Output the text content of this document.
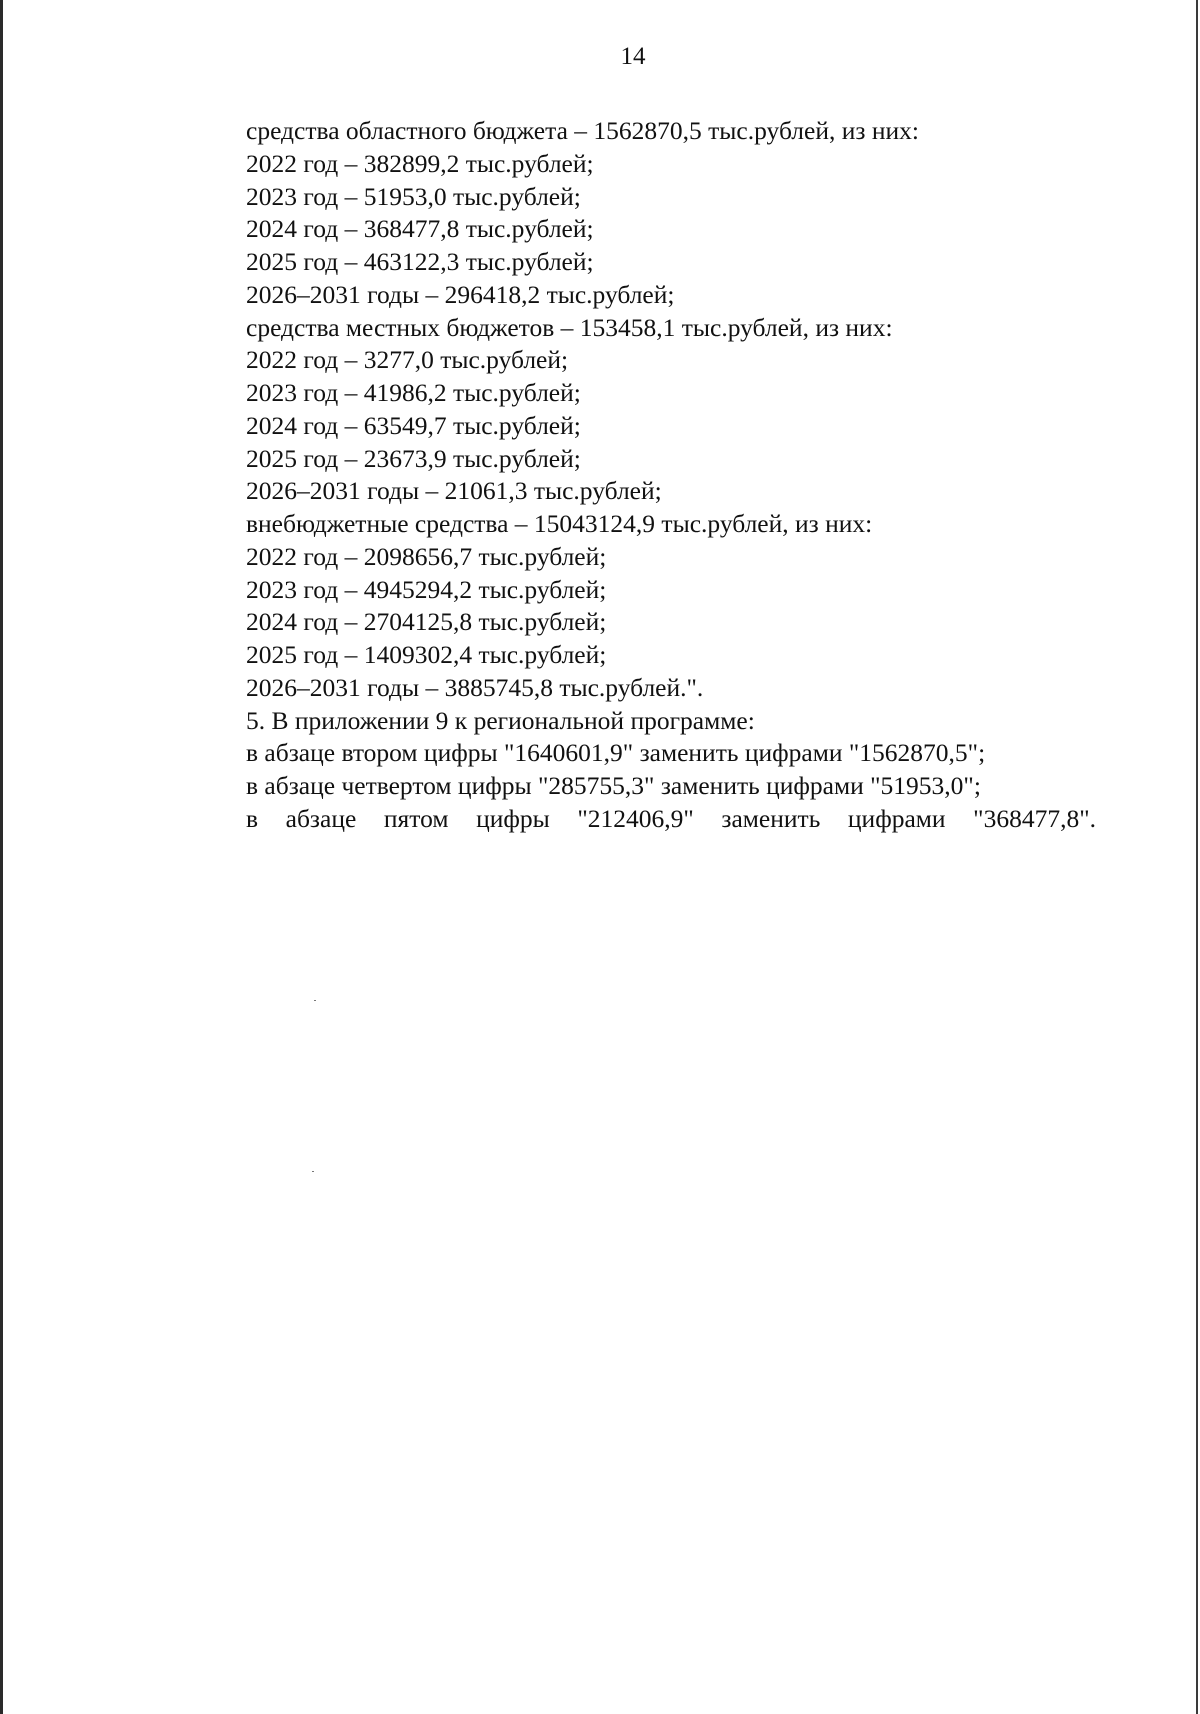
14

средства областного бюджета – 1562870,5 тыс.рублей, из них:

2022 год – 382899,2 тыс.рублей;

2023 год – 51953,0 тыс.рублей;

2024 год – 368477,8 тыс.рублей;

2025 год – 463122,3 тыс.рублей;

2026–2031 годы – 296418,2 тыс.рублей;

средства местных бюджетов – 153458,1 тыс.рублей, из них:

2022 год – 3277,0 тыс.рублей;

2023 год – 41986,2 тыс.рублей;

2024 год – 63549,7 тыс.рублей;

2025 год – 23673,9 тыс.рублей;

2026–2031 годы – 21061,3 тыс.рублей;

внебюджетные средства – 15043124,9 тыс.рублей, из них:

2022 год – 2098656,7 тыс.рублей;

2023 год – 4945294,2 тыс.рублей;

2024 год – 2704125,8 тыс.рублей;

2025 год – 1409302,4 тыс.рублей;

2026–2031 годы – 3885745,8 тыс.рублей.".

5. В приложении 9 к региональной программе:

в абзаце втором цифры "1640601,9" заменить цифрами "1562870,5";

в абзаце четвертом цифры "285755,3" заменить цифрами "51953,0";

в абзаце пятом цифры "212406,9" заменить цифрами "368477,8".
